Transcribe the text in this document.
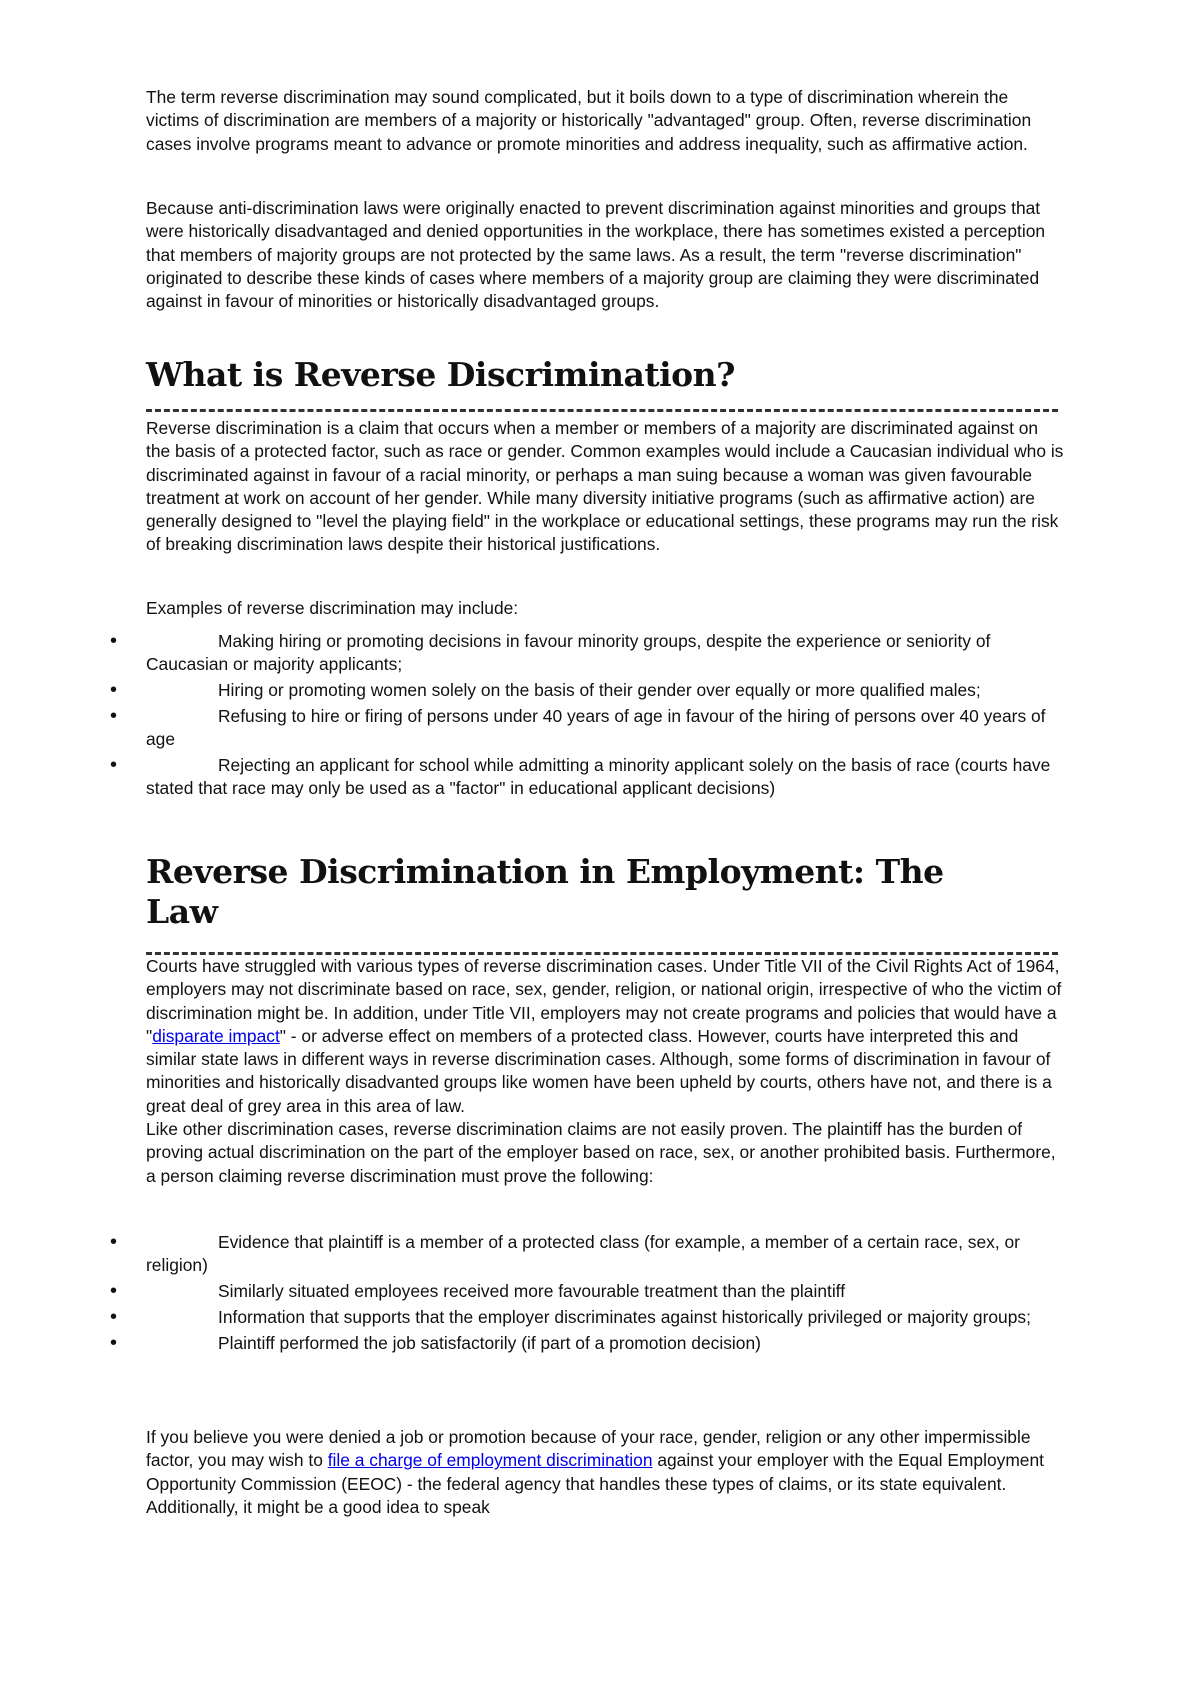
The term reverse discrimination may sound complicated, but it boils down to a type of discrimination wherein the victims of discrimination are members of a majority or historically "advantaged" group. Often, reverse discrimination cases involve programs meant to advance or promote minorities and address inequality, such as affirmative action.

Because anti-discrimination laws were originally enacted to prevent discrimination against minorities and groups that were historically disadvantaged and denied opportunities in the workplace, there has sometimes existed a perception that members of majority groups are not protected by the same laws. As a result, the term "reverse discrimination" originated to describe these kinds of cases where members of a majority group are claiming they were discriminated against in favour of minorities or historically disadvantaged groups.

What is Reverse Discrimination?

Reverse discrimination is a claim that occurs when a member or members of a majority are discriminated against on the basis of a protected factor, such as race or gender. Common examples would include a Caucasian individual who is discriminated against in favour of a racial minority, or perhaps a man suing because a woman was given favourable treatment at work on account of her gender. While many diversity initiative programs (such as affirmative action) are generally designed to "level the playing field" in the workplace or educational settings, these programs may run the risk of breaking discrimination laws despite their historical justifications.

Examples of reverse discrimination may include:

•	Making hiring or promoting decisions in favour minority groups, despite the experience or seniority of Caucasian or majority applicants;
•	Hiring or promoting women solely on the basis of their gender over equally or more qualified males;
•	Refusing to hire or firing of persons under 40 years of age in favour of the hiring of persons over 40 years of age
•	Rejecting an applicant for school while admitting a minority applicant solely on the basis of race (courts have stated that race may only be used as a "factor" in educational applicant decisions)
Reverse Discrimination in Employment: The Law

Courts have struggled with various types of reverse discrimination cases. Under Title VII of the Civil Rights Act of 1964, employers may not discriminate based on race, sex, gender, religion, or national origin, irrespective of who the victim of discrimination might be. In addition, under Title VII, employers may not create programs and policies that would have a "disparate impact" - or adverse effect on members of a protected class. However, courts have interpreted this and similar state laws in different ways in reverse discrimination cases. Although, some forms of discrimination in favour of minorities and historically disadvanted groups like women have been upheld by courts, others have not, and there is a great deal of grey area in this area of law.
Like other discrimination cases, reverse discrimination claims are not easily proven. The plaintiff has the burden of proving actual discrimination on the part of the employer based on race, sex, or another prohibited basis. Furthermore, a person claiming reverse discrimination must prove the following:

•	Evidence that plaintiff is a member of a protected class (for example, a member of a certain race, sex, or religion)
•	Similarly situated employees received more favourable treatment than the plaintiff
•	Information that supports that the employer discriminates against historically privileged or majority groups;
•	Plaintiff performed the job satisfactorily (if part of a promotion decision)

If you believe you were denied a job or promotion because of your race, gender, religion or any other impermissible factor, you may wish to file a charge of employment discrimination against your employer with the Equal Employment Opportunity Commission (EEOC) - the federal agency that handles these types of claims, or its state equivalent. Additionally, it might be a good idea to speak
